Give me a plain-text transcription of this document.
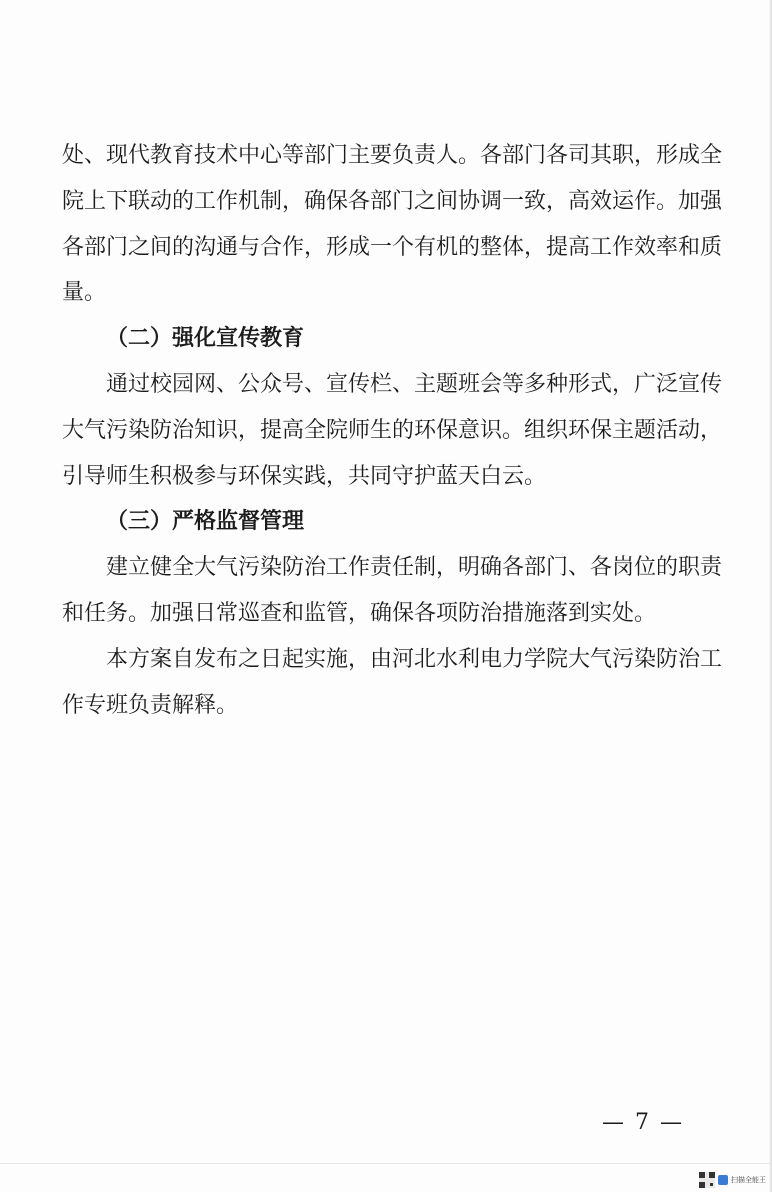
处、现代教育技术中心等部门主要负责人。各部门各司其职，形成全院上下联动的工作机制，确保各部门之间协调一致，高效运作。加强各部门之间的沟通与合作，形成一个有机的整体，提高工作效率和质量。

（二）强化宣传教育

通过校园网、公众号、宣传栏、主题班会等多种形式，广泛宣传大气污染防治知识，提高全院师生的环保意识。组织环保主题活动，引导师生积极参与环保实践，共同守护蓝天白云。

（三）严格监督管理

建立健全大气污染防治工作责任制，明确各部门、各岗位的职责和任务。加强日常巡查和监管，确保各项防治措施落到实处。

本方案自发布之日起实施，由河北水利电力学院大气污染防治工作专班负责解释。

— 7 —
扫描全能王
